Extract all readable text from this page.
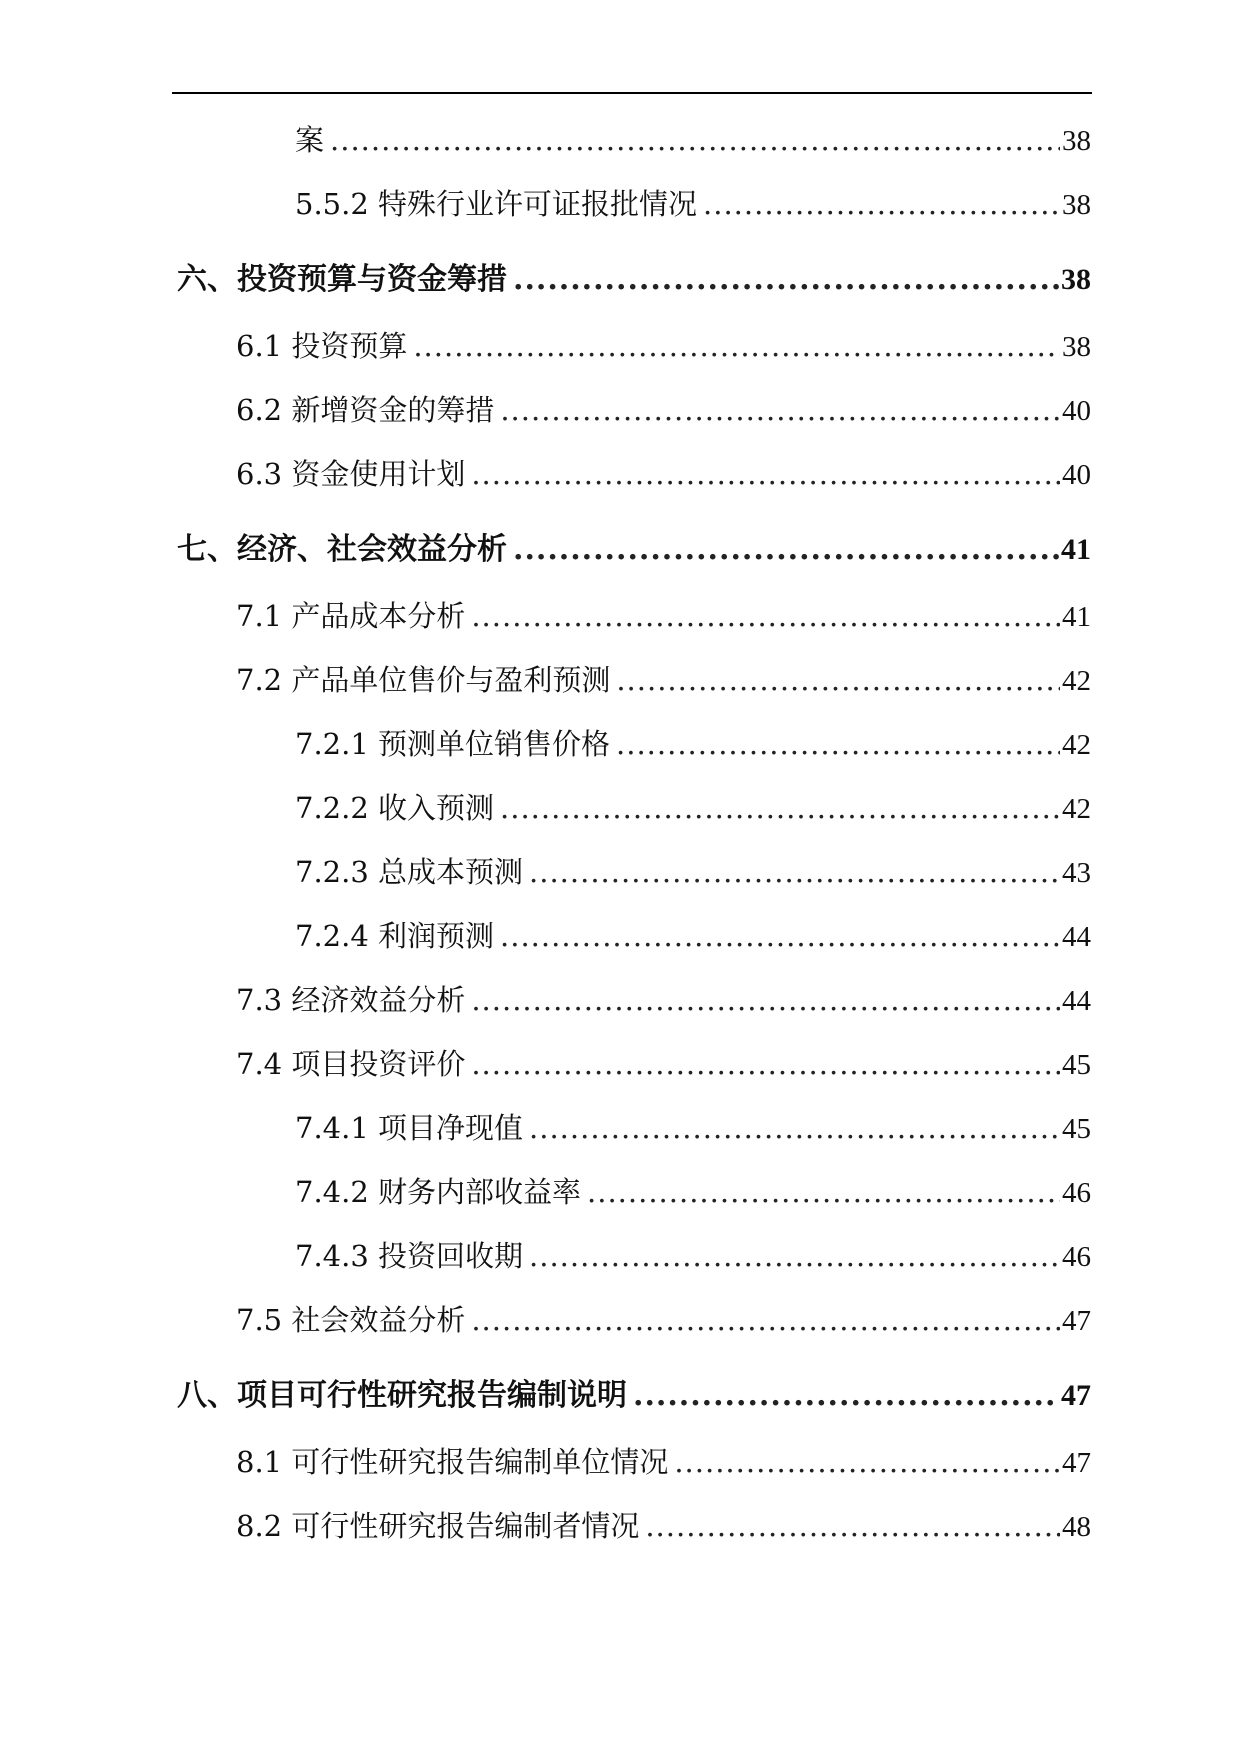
案 .....	38
5.5.2 特殊行业许可证报批情况 .....	38
六、投资预算与资金筹措 .....	38
6.1 投资预算 .....	38
6.2 新增资金的筹措 .....	40
6.3 资金使用计划 .....	40
七、经济、社会效益分析 .....	41
7.1 产品成本分析 .....	41
7.2 产品单位售价与盈利预测 .....	42
7.2.1 预测单位销售价格 .....	42
7.2.2 收入预测 .....	42
7.2.3 总成本预测 .....	43
7.2.4 利润预测 .....	44
7.3 经济效益分析 .....	44
7.4 项目投资评价 .....	45
7.4.1 项目净现值 .....	45
7.4.2 财务内部收益率 .....	46
7.4.3 投资回收期 .....	46
7.5 社会效益分析 .....	47
八、项目可行性研究报告编制说明 .....	47
8.1 可行性研究报告编制单位情况 .....	47
8.2 可行性研究报告编制者情况 .....	48
